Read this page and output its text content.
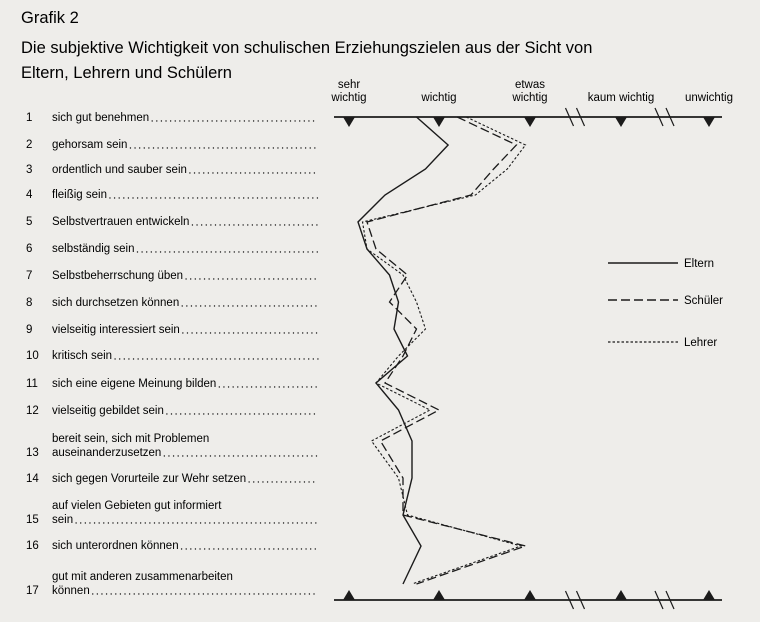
Grafik 2
Die subjektive Wichtigkeit von schulischen Erziehungszielen aus der Sicht von
Eltern, Lehrern und Schülern
sehr
wichtig	wichtig
etwas
wichtig	kaum wichtig	unwichtig
1 sich gut benehmen
2 gehorsam sein
3 ordentlich und sauber sein
4 fleißig sein
5 Selbstvertrauen entwickeln
6 selbständig sein
7 Selbstbeherrschung üben
8 sich durchsetzen können
9 vielseitig interessiert sein
10 kritisch sein
11 sich eine eigene Meinung bilden
12 vielseitig gebildet sein
13
bereit sein, sich mit Problemen
auseinanderzusetzen
14 sich gegen Vorurteile zur Wehr setzen
15
auf vielen Gebieten gut informiert
sein
16 sich unterordnen können
17
gut mit anderen zusammenarbeiten
können
Eltern
Schüler
Lehrer
